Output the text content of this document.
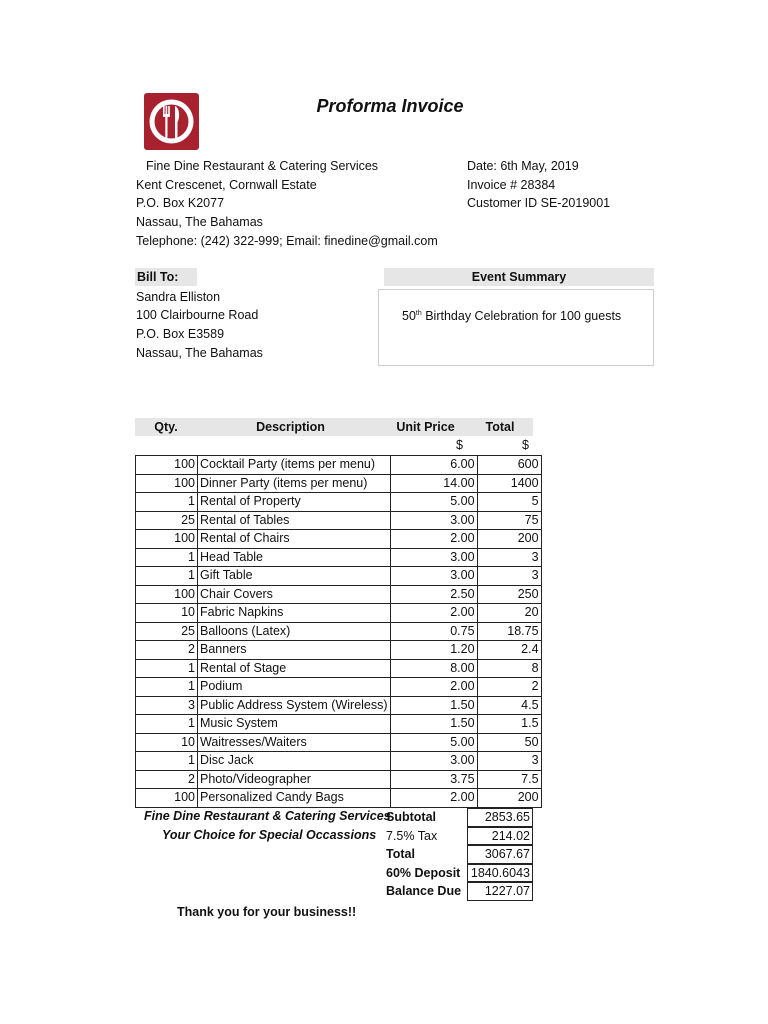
Proforma Invoice
Fine Dine Restaurant & Catering Services
Kent Crescenet, Cornwall Estate
P.O. Box K2077
Nassau, The Bahamas
Telephone: (242) 322-999; Email: finedine@gmail.com
Date: 6th May, 2019
Invoice # 28384
Customer ID SE-2019001
Bill To:
Sandra Elliston
100 Clairbourne Road
P.O. Box E3589
Nassau, The Bahamas
Event Summary
50th Birthday Celebration for 100 guests
Qty.	Description	Unit Price	Total
$	$
100	Cocktail Party (items per menu)	6.00	600
100	Dinner Party (items per menu)	14.00	1400
1	Rental of Property	5.00	5
25	Rental of Tables	3.00	75
100	Rental of Chairs	2.00	200
1	Head Table	3.00	3
1	Gift Table	3.00	3
100	Chair Covers	2.50	250
10	Fabric Napkins	2.00	20
25	Balloons (Latex)	0.75	18.75
2	Banners	1.20	2.4
1	Rental of Stage	8.00	8
1	Podium	2.00	2
3	Public Address System (Wireless)	1.50	4.5
1	Music System	1.50	1.5
10	Waitresses/Waiters	5.00	50
1	Disc Jack	3.00	3
2	Photo/Videographer	3.75	7.5
100	Personalized Candy Bags	2.00	200
Fine Dine Restaurant & Catering Services
Your Choice for Special Occassions
Subtotal	2853.65
7.5% Tax	214.02
Total	3067.67
60% Deposit 1840.6043
Balance Due	1227.07
Thank you for your business!!
